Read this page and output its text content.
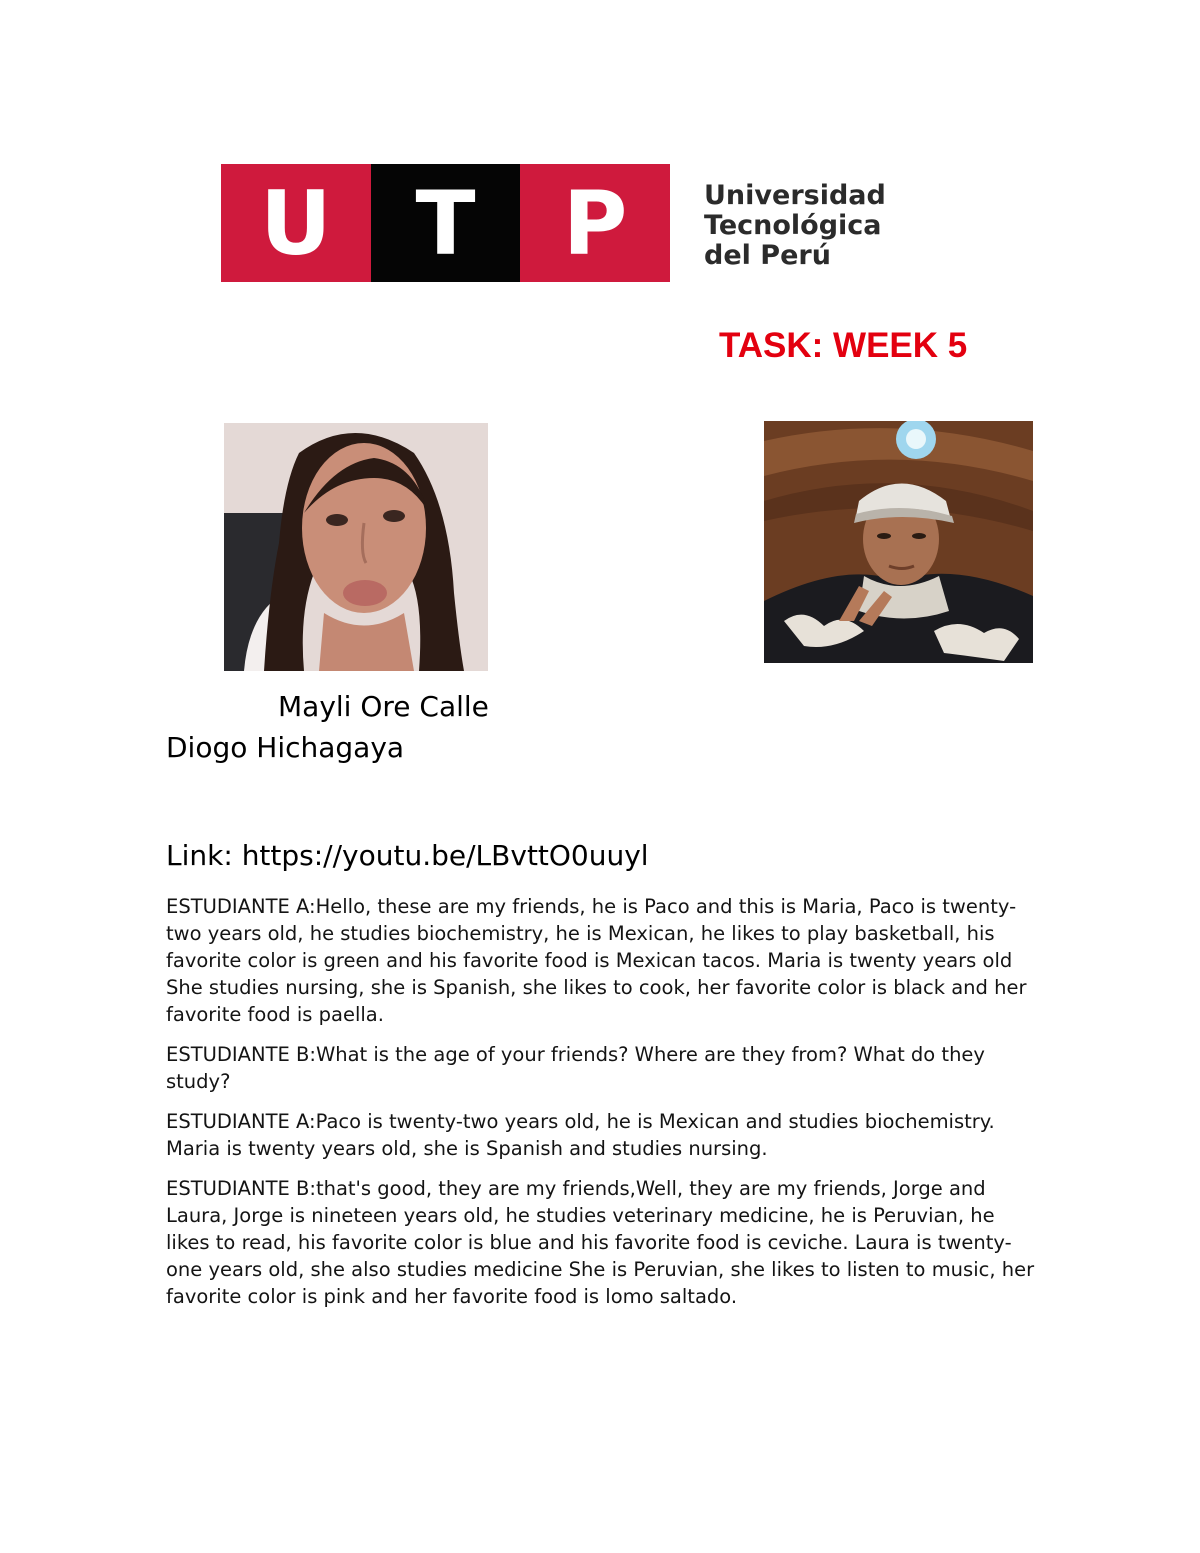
U T P	Universidad
Tecnológica
del Perú
TASK: WEEK 5
Mayli Ore Calle
Diogo Hichagaya
Link: https://youtu.be/LBvttO0uuyl

ESTUDIANTE A:Hello, these are my friends, he is Paco and this is Maria, Paco is twenty-two years old, he studies biochemistry, he is Mexican, he likes to play basketball, his favorite color is green and his favorite food is Mexican tacos. Maria is twenty years old She studies nursing, she is Spanish, she likes to cook, her favorite color is black and her favorite food is paella.

ESTUDIANTE B:What is the age of your friends? Where are they from? What do they study?

ESTUDIANTE A:Paco is twenty-two years old, he is Mexican and studies biochemistry. Maria is twenty years old, she is Spanish and studies nursing.

ESTUDIANTE B:that's good, they are my friends,Well, they are my friends, Jorge and Laura, Jorge is nineteen years old, he studies veterinary medicine, he is Peruvian, he likes to read, his favorite color is blue and his favorite food is ceviche. Laura is twenty-one years old, she also studies medicine She is Peruvian, she likes to listen to music, her favorite color is pink and her favorite food is lomo saltado.
